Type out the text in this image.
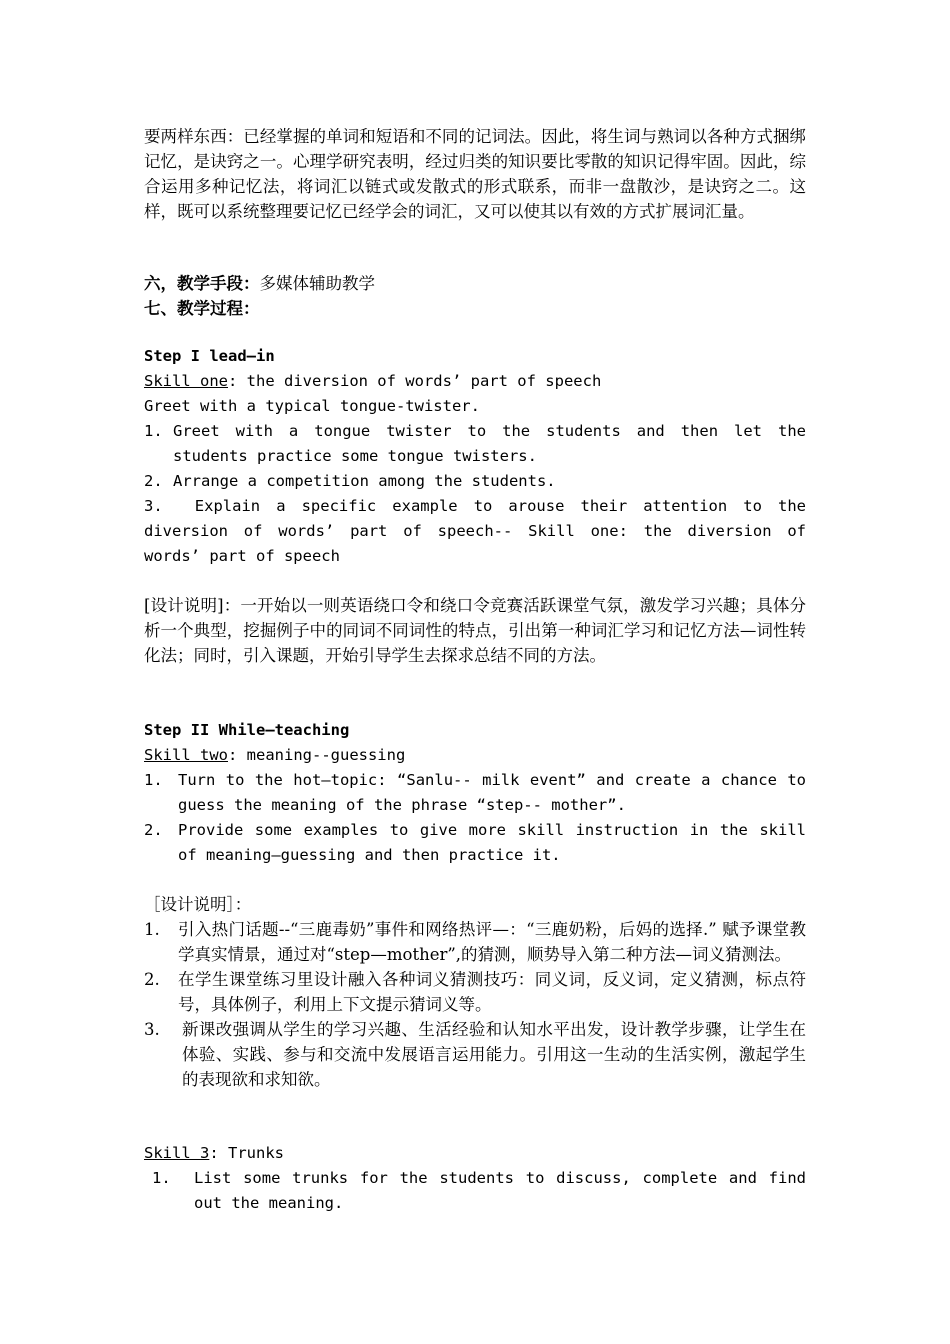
要两样东西：已经掌握的单词和短语和不同的记词法。因此，将生词与熟词以各种方式捆绑记忆，是诀窍之一。心理学研究表明，经过归类的知识要比零散的知识记得牢固。因此，综合运用多种记忆法，将词汇以链式或发散式的形式联系，而非一盘散沙，是诀窍之二。这样，既可以系统整理要记忆已经学会的词汇，又可以使其以有效的方式扩展词汇量。

六，教学手段：多媒体辅助教学

七、教学过程：

Step I lead—in

Skill one: the diversion of words’ part of speech

Greet with a typical tongue-twister.

1. Greet with a tongue twister to the students and then let the students practice some tongue twisters.
2. Arrange a competition among the students.

3.  Explain a specific example to arouse their attention to the diversion of words’ part of speech-- Skill one: the diversion of words’ part of speech

[设计说明]：一开始以一则英语绕口令和绕口令竞赛活跃课堂气氛，激发学习兴趣；具体分析一个典型，挖掘例子中的同词不同词性的特点，引出第一种词汇学习和记忆方法—词性转化法；同时，引入课题，开始引导学生去探求总结不同的方法。

Step II While—teaching

Skill two: meaning--guessing

1. Turn to the hot—topic: “Sanlu-- milk event” and create a chance to guess the meaning of the phrase “step-- mother”.
2. Provide some examples to give more skill instruction in the skill of meaning—guessing and then practice it.

［设计说明］：

1.	引入热门话题--“三鹿毒奶”事件和网络热评—：“三鹿奶粉，后妈的选择.” 赋予课堂教学真实情景，通过对“step—mother”,的猜测，顺势导入第二种方法—词义猜测法。
2.	在学生课堂练习里设计融入各种词义猜测技巧：同义词，反义词，定义猜测，标点符号，具体例子，利用上下文提示猜词义等。
3.	新课改强调从学生的学习兴趣、生活经验和认知水平出发，设计教学步骤，让学生在体验、实践、参与和交流中发展语言运用能力。引用这一生动的生活实例，激起学生的表现欲和求知欲。

Skill 3: Trunks

1.	List some trunks for the students to discuss, complete and find out the meaning.
